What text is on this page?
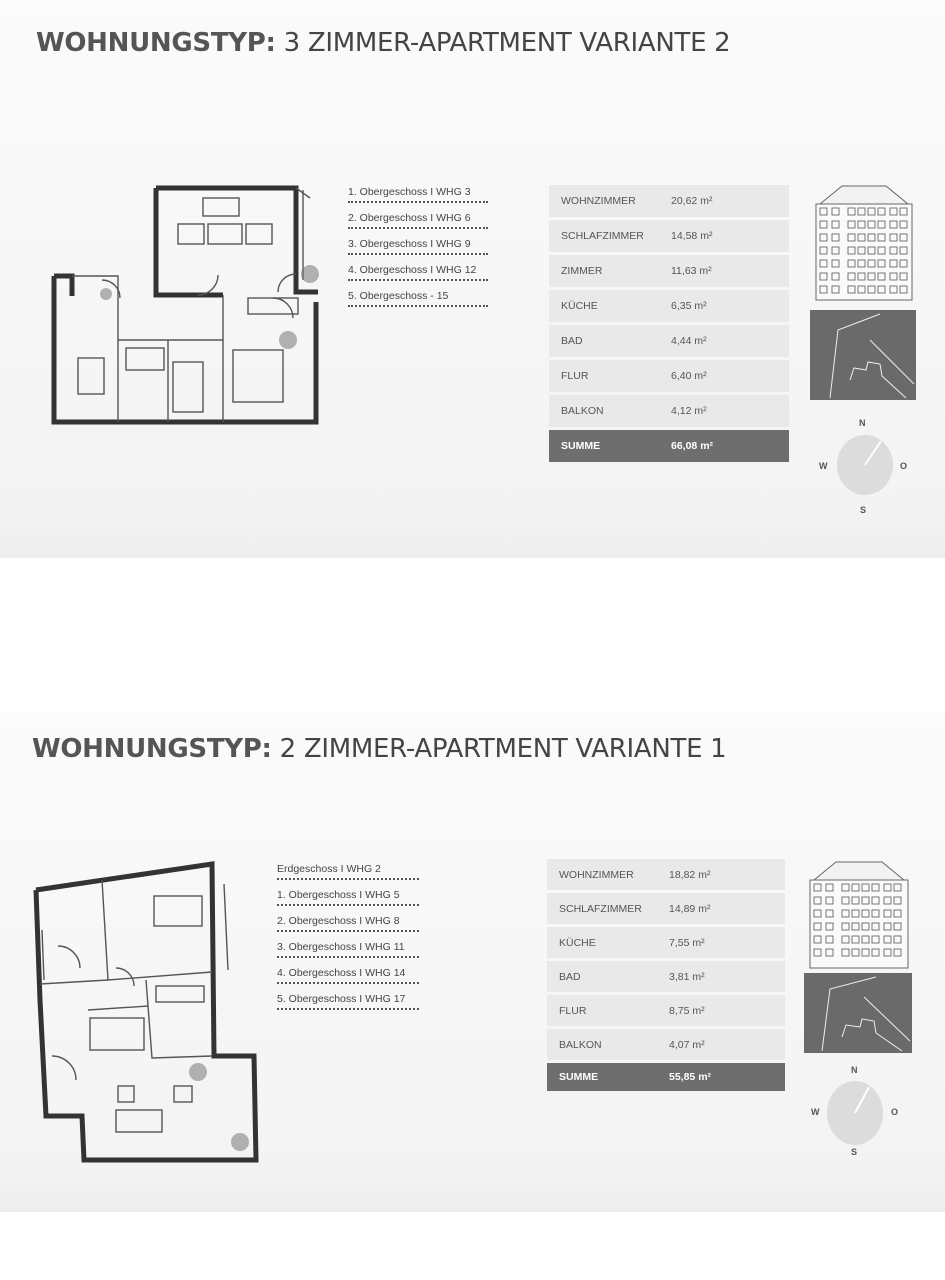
WOHNUNGSTYP: 3 ZIMMER-APARTMENT VARIANTE 2
1. Obergeschoss I WHG 3
2. Obergeschoss I WHG 6
3. Obergeschoss I WHG 9
4. Obergeschoss I WHG 12
5. Obergeschoss - 15
WOHNZIMMER	20,62 m²
SCHLAFZIMMER	14,58 m²
ZIMMER	11,63 m²
KÜCHE	6,35 m²
BAD	4,44 m²
FLUR	6,40 m²
BALKON	4,12 m²
SUMME	66,08 m²
N
W	O
S
WOHNUNGSTYP: 2 ZIMMER-APARTMENT VARIANTE 1
Erdgeschoss I WHG 2
1. Obergeschoss I WHG 5
2. Obergeschoss I WHG 8
3. Obergeschoss I WHG 11
4. Obergeschoss I WHG 14
5. Obergeschoss I WHG 17
WOHNZIMMER	18,82 m²
SCHLAFZIMMER	14,89 m²
KÜCHE	7,55 m²
BAD	3,81 m²
FLUR	8,75 m²
BALKON	4,07 m²
SUMME	55,85 m²
N
W	O
S
